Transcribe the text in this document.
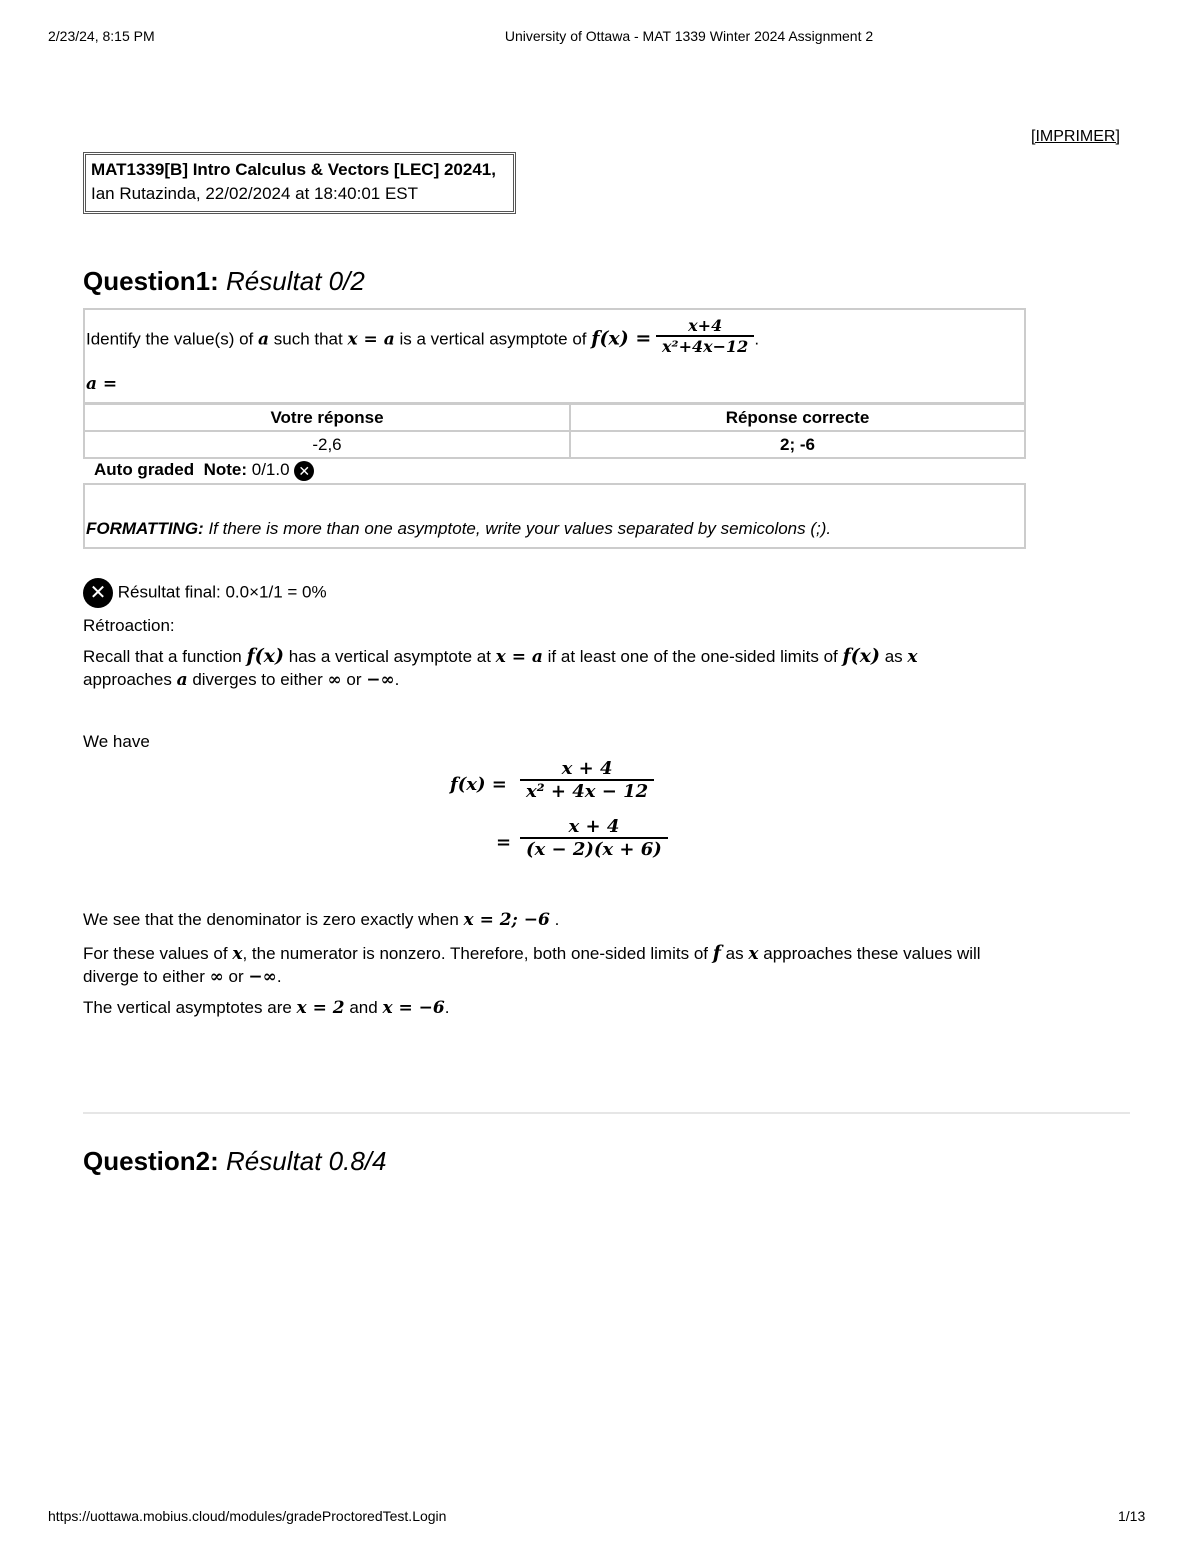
2/23/24, 8:15 PM	University of Ottawa - MAT 1339 Winter 2024 Assignment 2
[IMPRIMER]
MAT1339[B] Intro Calculus & Vectors [LEC] 20241,
Ian Rutazinda, 22/02/2024 at 18:40:01 EST
Question1: Résultat 0/2
Identify the value(s) of a such that x = a is a vertical asymptote of $f(x) = \frac{x+4}{\text{x²+4x−12}}$ .
a =
Votre réponse	Réponse correcte
-2,6	2; -6
Auto graded Note: 0/1.0 ✕
FORMATTING: If there is more than one asymptote, write your values separated by semicolons (;).
✕ Résultat final: 0.0×1/1 = 0%
Rétroaction:
Recall that a function f(x) has a vertical asymptote at x = a if at least one of the one-sided limits of f(x) as x
approaches a diverges to either ∞ or −∞.
We have
$f(x) = \frac{x + 4}{\text{x² + 4x − 12}}$
= $\frac{x + 4}{(x - 2)(x + 6)}$
We see that the denominator is zero exactly when x = 2; −6 .
For these values of x, the numerator is nonzero. Therefore, both one-sided limits of f as x approaches these values will
diverge to either ∞ or −∞.
The vertical asymptotes are x = 2 and x = −6.
Question2: Résultat 0.8/4
https://uottawa.mobius.cloud/modules/gradeProctoredTest.Login	1/13
